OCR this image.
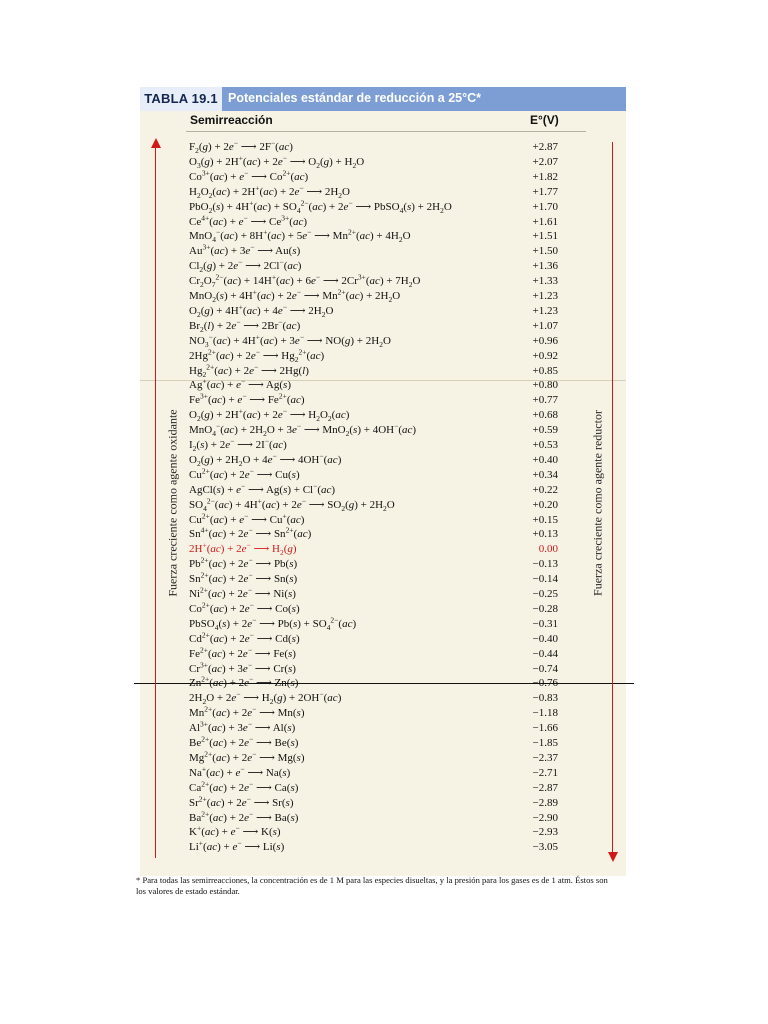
TABLA 19.1 Potenciales estándar de reducción a 25°C*
Semirreacción	E°(V)
Fuerza creciente como agente oxidante	Fuerza creciente como agente reductor
$F_2(g) + 2e^-$ ⟶ 2F−(ac)	+2.87
$O_3(g) + 2H^+(ac) + 2e^-$ ⟶ $O_2(g) + H_2O$	+2.07
$Co^{3+}(ac) + e^-$ ⟶ $Co^{2+}(ac)$	+1.82
$H_2O_2(ac) + 2H^+(ac) + 2e^-$ ⟶ $2H_2O$	+1.77
$PbO_2(s) + 4H^+(ac) + SO_4^{2-}(ac) + 2e^-$ ⟶ PbSO$_4$(s) + $2H_2O$	+1.70
$Ce^{4+}(ac) + e^-$ ⟶ $Ce^{3+}(ac)$	+1.61
MnO$_4$−(ac) + 8H+(ac) + 5e− ⟶ $Mn^{2+}(ac) + 4H_2O$	+1.51
$Au^{3+}(ac) + 3e^-$ ⟶ Au(s)	+1.50
$Cl_2(g) + 2e^-$ ⟶ 2Cl−(ac)	+1.36
$Cr_2O_7^{2-}(ac) + 14H^+(ac) + 6e^-$ ⟶ $2Cr^{3+}(ac) + 7H_2O$	+1.33
MnO$_2$(s) + 4H+(ac) + 2e− ⟶ $Mn^{2+}(ac) + 2H_2O$	+1.23
$O_2(g) + 4H^+(ac) + 4e^-$ ⟶ $2H_2O$	+1.23
$Br_2(l) + 2e^-$ ⟶ 2Br−(ac)	+1.07
$NO_3^-(ac) + 4H^+(ac) + 3e^-$ ⟶ $NO(g) + 2H_2O$	+0.96
$2Hg^{2+}(ac) + 2e^-$ ⟶ $Hg_2^{2+}(ac)$	+0.92
$Hg_2^{2+}(ac) + 2e^-$ ⟶ 2Hg(l)	+0.85
Ag+(ac) + e− ⟶ Ag(s)	+0.80
$Fe^{3+}(ac) + e^-$ ⟶ $Fe^{2+}(ac)$	+0.77
$O_2(g) + 2H^+(ac) + 2e^-$ ⟶ $H_2O_2(ac)$	+0.68
$MnO_4^-(ac) + 2H_2O + 3e^-$ ⟶ MnO$_2$(s) + 4OH−(ac)	+0.59
$I_2(s) + 2e^-$ ⟶ 2I−(ac)	+0.53
$O_2(g) + 2H_2O + 4e^-$ ⟶ 4OH−(ac)	+0.40
$Cu^{2+}(ac) + 2e^-$ ⟶ Cu(s)	+0.34
AgCl(s) + e− ⟶ Ag(s) + Cl−(ac)	+0.22
$SO_4^{2-}(ac) + 4H^+(ac) + 2e^-$ ⟶ $SO_2(g) + 2H_2O$	+0.20
$Cu^{2+}(ac) + e^-$ ⟶ Cu+(ac)	+0.15
$Sn^{4+}(ac) + 2e^-$ ⟶ $Sn^{2+}(ac)$	+0.13
2H+(ac) + 2e− ⟶ $H_2(g)$	0.00
$Pb^{2+}(ac) + 2e^-$ ⟶ Pb(s)	−0.13
$Sn^{2+}(ac) + 2e^-$ ⟶ Sn(s)	−0.14
$Ni^{2+}(ac) + 2e^-$ ⟶ Ni(s)	−0.25
$Co^{2+}(ac) + 2e^-$ ⟶ Co(s)	−0.28
PbSO$_4$(s) + 2e− ⟶ $Pb(s) + SO_4^{2-}(ac)$	−0.31
$Cd^{2+}(ac) + 2e^-$ ⟶ Cd(s)	−0.40
$Fe^{2+}(ac) + 2e^-$ ⟶ Fe(s)	−0.44
$Cr^{3+}(ac) + 3e^-$ ⟶ Cr(s)	−0.74
$Zn^{2+}(ac) + 2e^-$ ⟶ Zn(s)	−0.76
$2H_2O + 2e^-$ ⟶ $H_2(g) + 2OH^-(ac)$	−0.83
$Mn^{2+}(ac) + 2e^-$ ⟶ Mn(s)	−1.18
$Al^{3+}(ac) + 3e^-$ ⟶ Al(s)	−1.66
$Be^{2+}(ac) + 2e^-$ ⟶ Be(s)	−1.85
$Mg^{2+}(ac) + 2e^-$ ⟶ Mg(s)	−2.37
Na+(ac) + e− ⟶ Na(s)	−2.71
$Ca^{2+}(ac) + 2e^-$ ⟶ Ca(s)	−2.87
$Sr^{2+}(ac) + 2e^-$ ⟶ Sr(s)	−2.89
$Ba^{2+}(ac) + 2e^-$ ⟶ Ba(s)	−2.90
K+(ac) + e− ⟶ K(s)	−2.93
Li+(ac) + e− ⟶ Li(s)	−3.05
* Para todas las semirreacciones, la concentración es de 1 M para las especies disueltas, y la presión para los gases es de 1 atm. Éstos son los valores de estado estándar.
